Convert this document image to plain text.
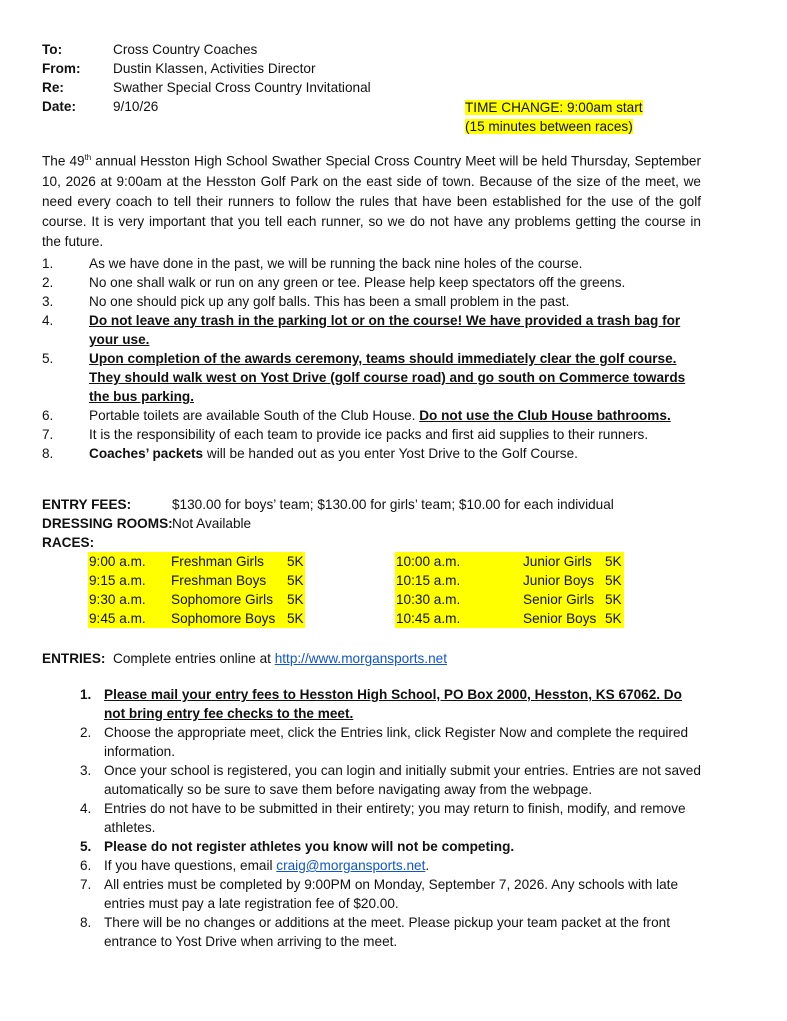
To:	Cross Country Coaches
From: Dustin Klassen, Activities Director
Re:	Swather Special Cross Country Invitational
Date:	9/10/26	TIME CHANGE: 9:00am start
(15 minutes between races)
The 49th annual Hesston High School Swather Special Cross Country Meet will be held Thursday, September 10, 2026 at 9:00am at the Hesston Golf Park on the east side of town. Because of the size of the meet, we need every coach to tell their runners to follow the rules that have been established for the use of the golf course. It is very important that you tell each runner, so we do not have any problems getting the course in the future.
1.	As we have done in the past, we will be running the back nine holes of the course.
2.	No one shall walk or run on any green or tee. Please help keep spectators off the greens.
3.	No one should pick up any golf balls. This has been a small problem in the past.
4.	Do not leave any trash in the parking lot or on the course! We have provided a trash bag for your use.
5.	Upon completion of the awards ceremony, teams should immediately clear the golf course. They should walk west on Yost Drive (golf course road) and go south on Commerce towards the bus parking.
6.	Portable toilets are available South of the Club House. Do not use the Club House bathrooms.
7.	It is the responsibility of each team to provide ice packs and first aid supplies to their runners.
8.	Coaches’ packets will be handed out as you enter Yost Drive to the Golf Course.
ENTRY FEES:	$130.00 for boys’ team; $130.00 for girls’ team; $10.00 for each individual
DRESSING ROOMS: Not Available
RACES:
9:00 a.m. Freshman Girls 5K
9:15 a.m. Freshman Boys 5K
9:30 a.m. Sophomore Girls 5K
9:45 a.m. Sophomore Boys 5K
10:00 a.m.	Junior Girls 5K
10:15 a.m.	Junior Boys 5K
10:30 a.m.	Senior Girls 5K
10:45 a.m.	Senior Boys 5K
ENTRIES:  Complete entries online at http://www.morgansports.net
1. Please mail your entry fees to Hesston High School, PO Box 2000, Hesston, KS 67062. Do not bring entry fee checks to the meet.
2. Choose the appropriate meet, click the Entries link, click Register Now and complete the required information.
3. Once your school is registered, you can login and initially submit your entries. Entries are not saved automatically so be sure to save them before navigating away from the webpage.
4. Entries do not have to be submitted in their entirety; you may return to finish, modify, and remove athletes.
5. Please do not register athletes you know will not be competing.
6. If you have questions, email craig@morgansports.net.
7. All entries must be completed by 9:00PM on Monday, September 7, 2026. Any schools with late entries must pay a late registration fee of $20.00.
8. There will be no changes or additions at the meet. Please pickup your team packet at the front entrance to Yost Drive when arriving to the meet.
